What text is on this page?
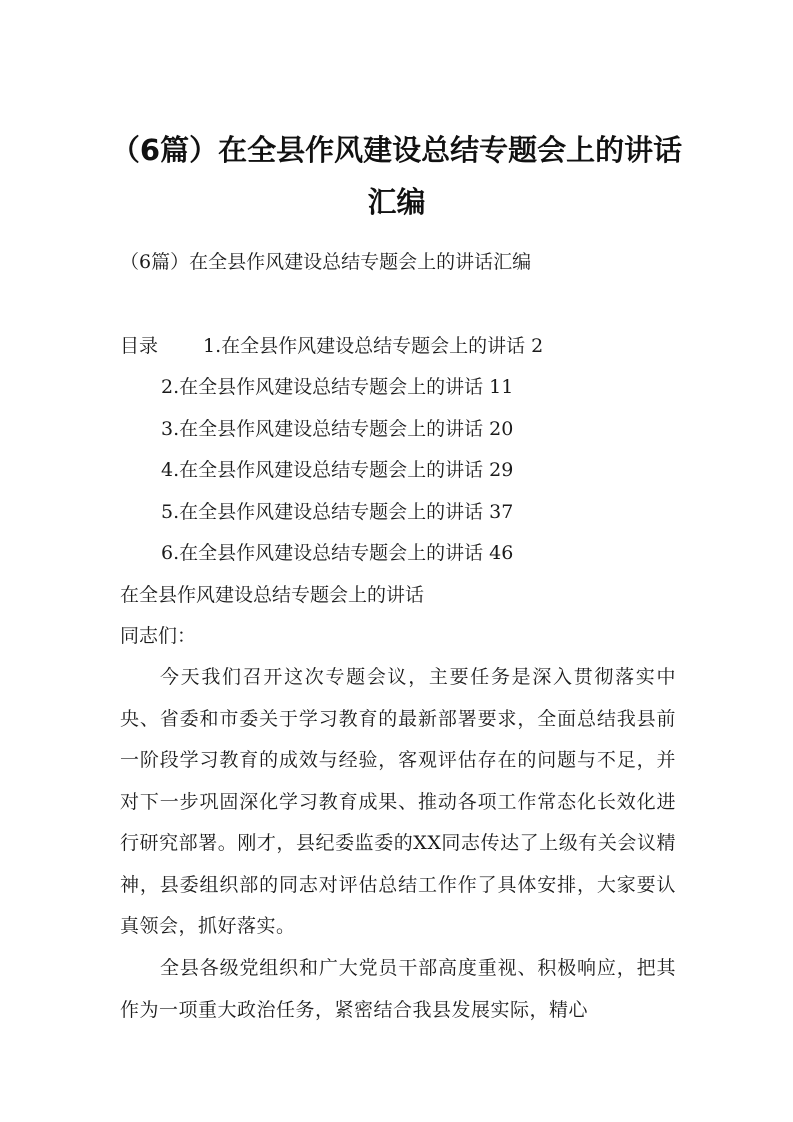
（6篇）在全县作风建设总结专题会上的讲话汇编
（6篇）在全县作风建设总结专题会上的讲话汇编
目录 1.在全县作风建设总结专题会上的讲话 2
2.在全县作风建设总结专题会上的讲话 11
3.在全县作风建设总结专题会上的讲话 20
4.在全县作风建设总结专题会上的讲话 29
5.在全县作风建设总结专题会上的讲话 37
6.在全县作风建设总结专题会上的讲话 46
在全县作风建设总结专题会上的讲话
同志们：

今天我们召开这次专题会议，主要任务是深入贯彻落实中央、省委和市委关于学习教育的最新部署要求，全面总结我县前一阶段学习教育的成效与经验，客观评估存在的问题与不足，并对下一步巩固深化学习教育成果、推动各项工作常态化长效化进行研究部署。刚才，县纪委监委的XX同志传达了上级有关会议精神，县委组织部的同志对评估总结工作作了具体安排，大家要认真领会，抓好落实。

全县各级党组织和广大党员干部高度重视、积极响应，把其作为一项重大政治任务，紧密结合我县发展实际，精心
